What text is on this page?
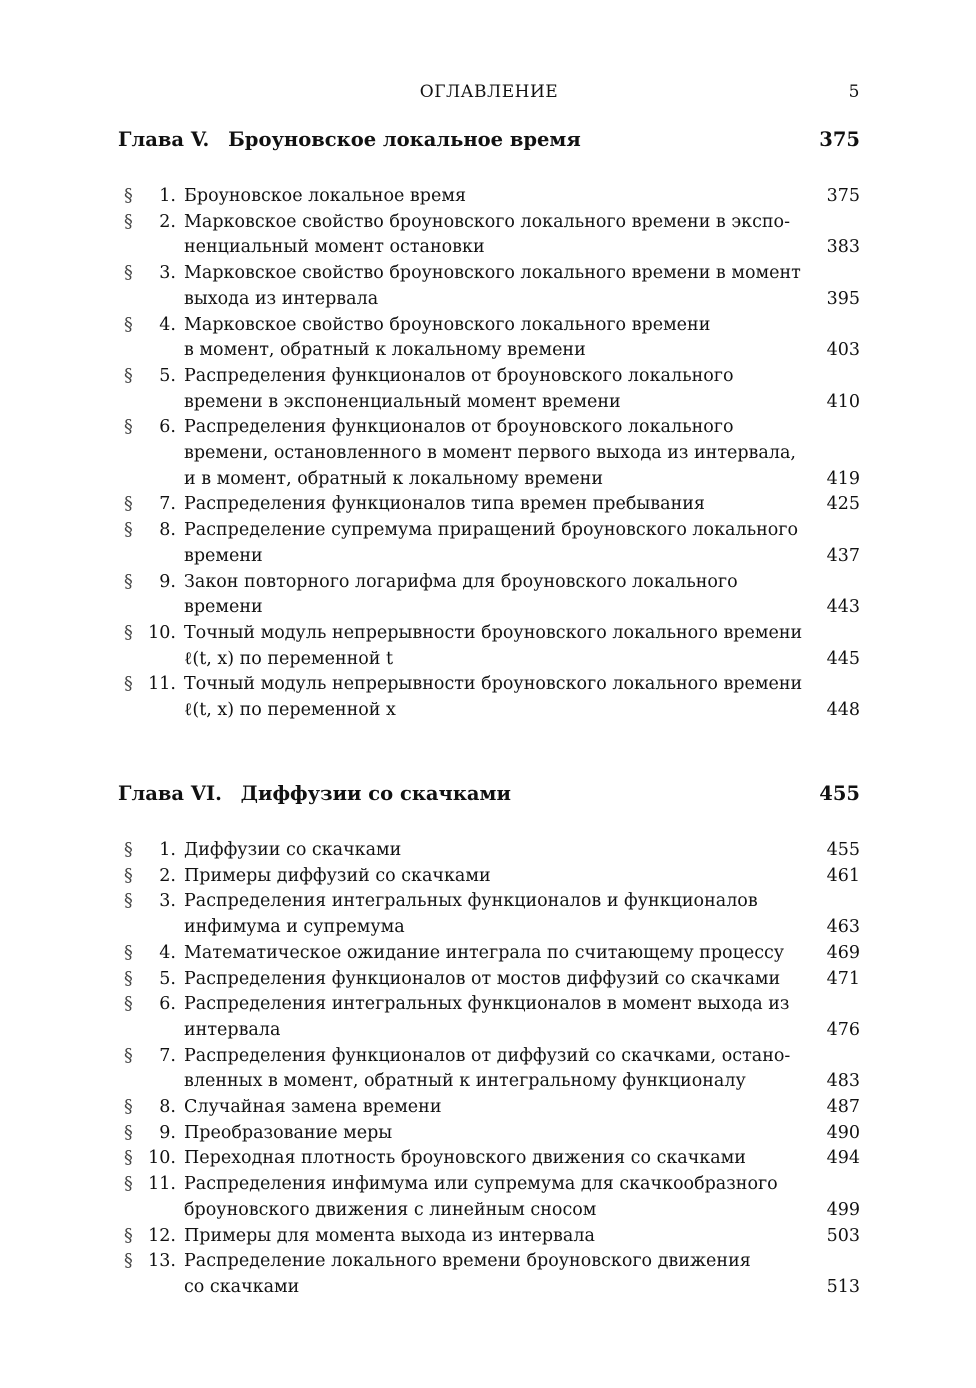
ОГЛАВЛЕНИЕ	5
Глава V. Броуновское локальное время	375
§	1. Броуновское локальное время	375
§	2. Марковское свойство броуновского локального времени в экспо-
ненциальный момент остановки	383
§	3. Марковское свойство броуновского локального времени в момент
выхода из интервала	395
§	4. Марковское свойство броуновского локального времени
в момент, обратный к локальному времени	403
§	5. Распределения функционалов от броуновского локального
времени в экспоненциальный момент времени	410
§	6. Распределения функционалов от броуновского локального
времени, остановленного в момент первого выхода из интервала,
и в момент, обратный к локальному времени	419
§	7. Распределения функционалов типа времен пребывания	425
§	8. Распределение супремума приращений броуновского локального
времени	437
§	9. Закон повторного логарифма для броуновского локального
времени	443
§ 10. Точный модуль непрерывности броуновского локального времени
ℓ(t, x) по переменной t	445
§ 11. Точный модуль непрерывности броуновского локального времени
ℓ(t, x) по переменной x	448
Глава VI. Диффузии со скачками	455
§	1. Диффузии со скачками	455
§	2. Примеры диффузий со скачками	461
§	3. Распределения интегральных функционалов и функционалов
инфимума и супремума	463
§	4. Математическое ожидание интеграла по считающему процессу	469
§	5. Распределения функционалов от мостов диффузий со скачками	471
§	6. Распределения интегральных функционалов в момент выхода из
интервала	476
§	7. Распределения функционалов от диффузий со скачками, остано-
вленных в момент, обратный к интегральному функционалу	483
§	8. Случайная замена времени	487
§	9. Преобразование меры	490
§ 10. Переходная плотность броуновского движения со скачками	494
§ 11. Распределения инфимума или супремума для скачкообразного
броуновского движения с линейным сносом	499
§ 12. Примеры для момента выхода из интервала	503
§ 13. Распределение локального времени броуновского движения
со скачками	513
